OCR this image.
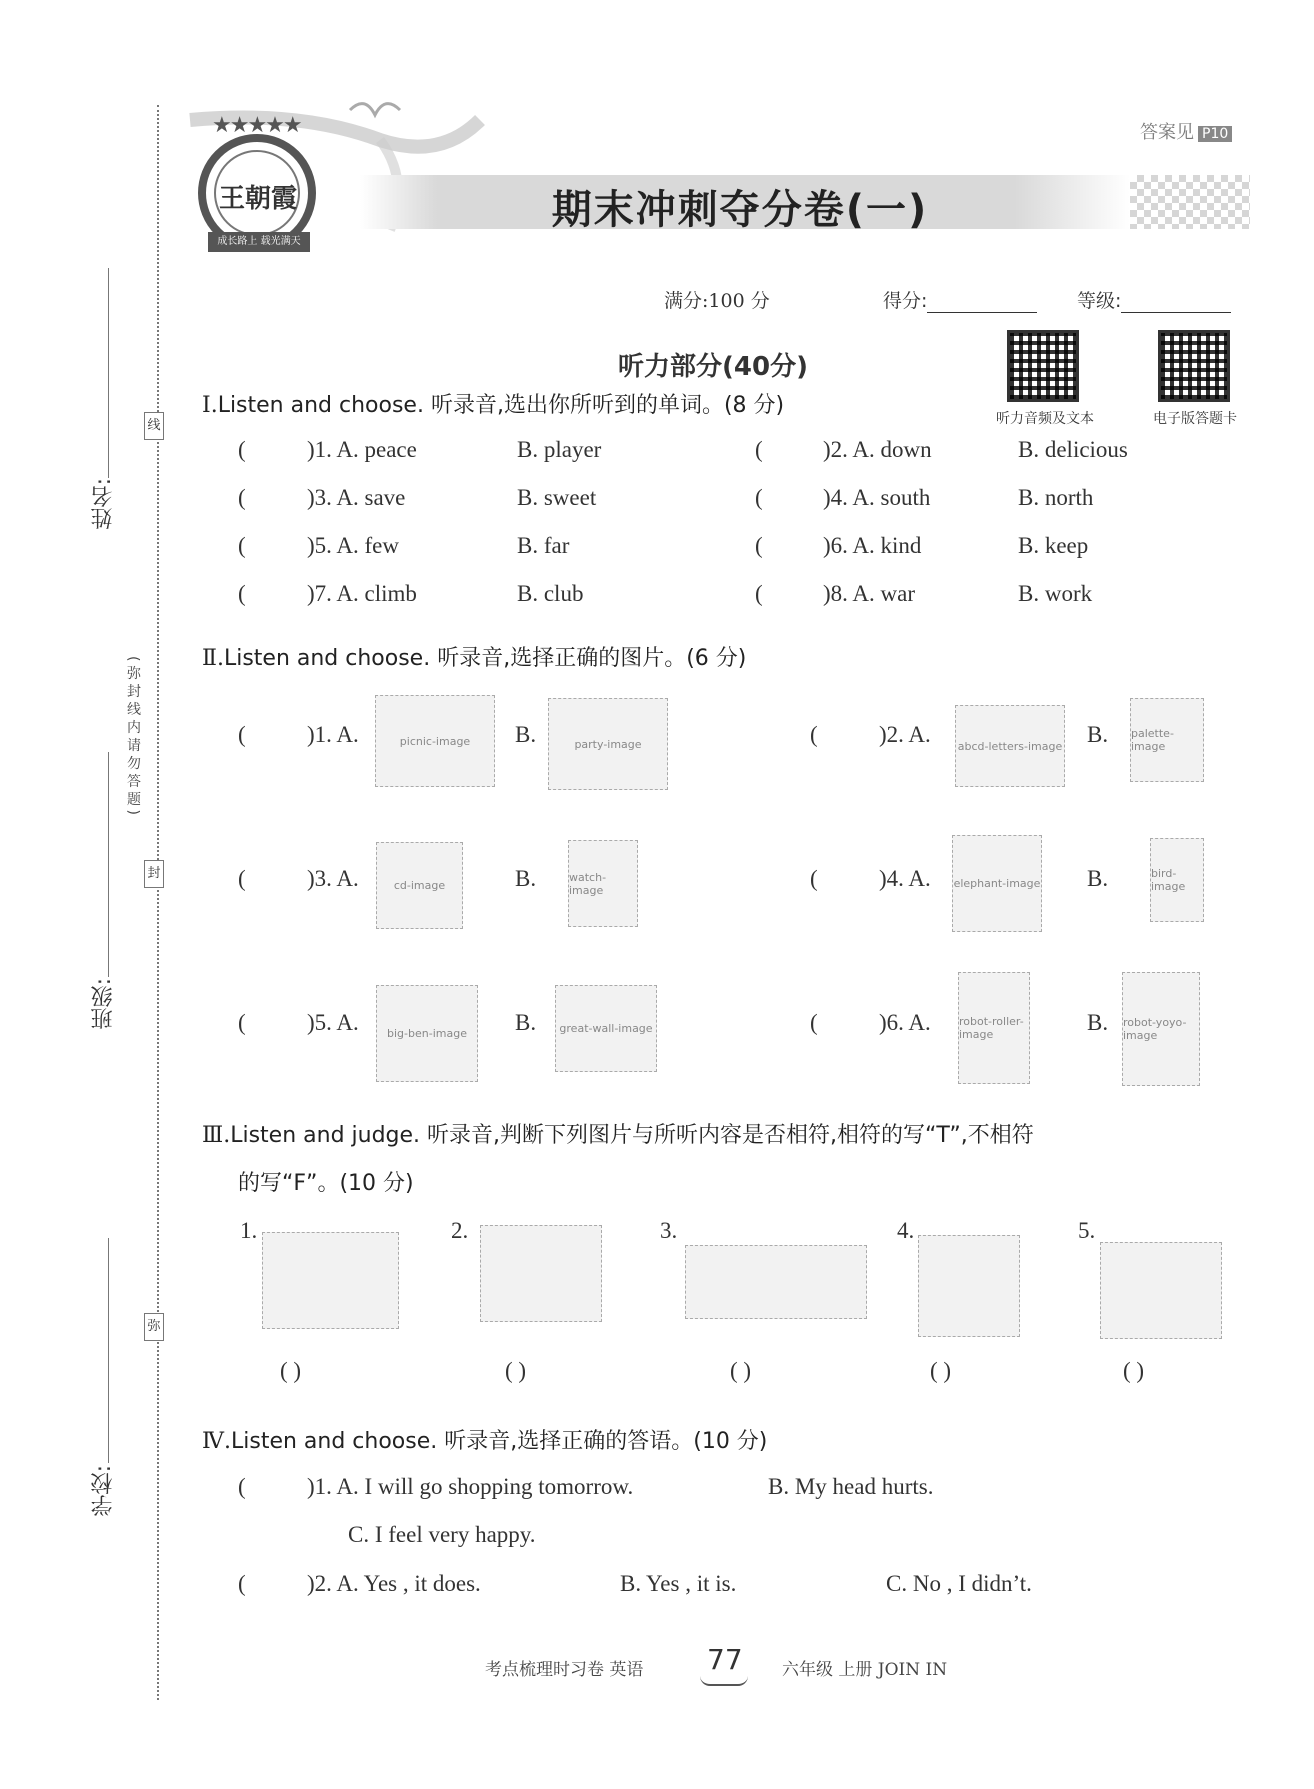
线
封
弥
姓名:
(弥封线内请勿答题)
班级:
学校:
★★★★★
王朝霞
成长路上 载光满天
期末冲刺夺分卷(一)
答案见 P10
满分:100 分	得分:	等级:
听力音频及文本	电子版答题卡
听力部分(40分)
Ⅰ.Listen and choose. 听录音,选出你所听到的单词。(8 分)
(	)1. A. peace	B. player	(	)2. A. down	B. delicious
(	)3. A. save	B. sweet	(	)4. A. south	B. north
(	)5. A. few	B. far	(	)6. A. kind	B. keep
(	)7. A. climb	B. club	(	)8. A. war	B. work
Ⅱ.Listen and choose. 听录音,选择正确的图片。(6 分)
(	)1. A.	picnic-image	B.	party-image	(	)2. A. abcd-letters-image B. palette-image
(	)3. A.	cd-image	B.	watch-image	(	)4. A. elephant-image B.	bird-image
(	)5. A.	big-ben-image	B.	great-wall-image	(	)6. A.	robot-roller-image	B. robot-yoyo-image
Ⅲ.Listen and judge. 听录音,判断下列图片与所听内容是否相符,相符的写“T”,不相符
的写“F”。(10 分)
1.
( )
2.
( )
3.
( )
4.
( )
5.
( )
Ⅳ.Listen and choose. 听录音,选择正确的答语。(10 分)
(	)1. A. I will go shopping tomorrow.	B. My head hurts.
C. I feel very happy.
(	)2. A. Yes , it does.	B. Yes , it is.	C. No , I didn’t.
考点梳理时习卷 英语 77 六年级 上册 JOIN IN
